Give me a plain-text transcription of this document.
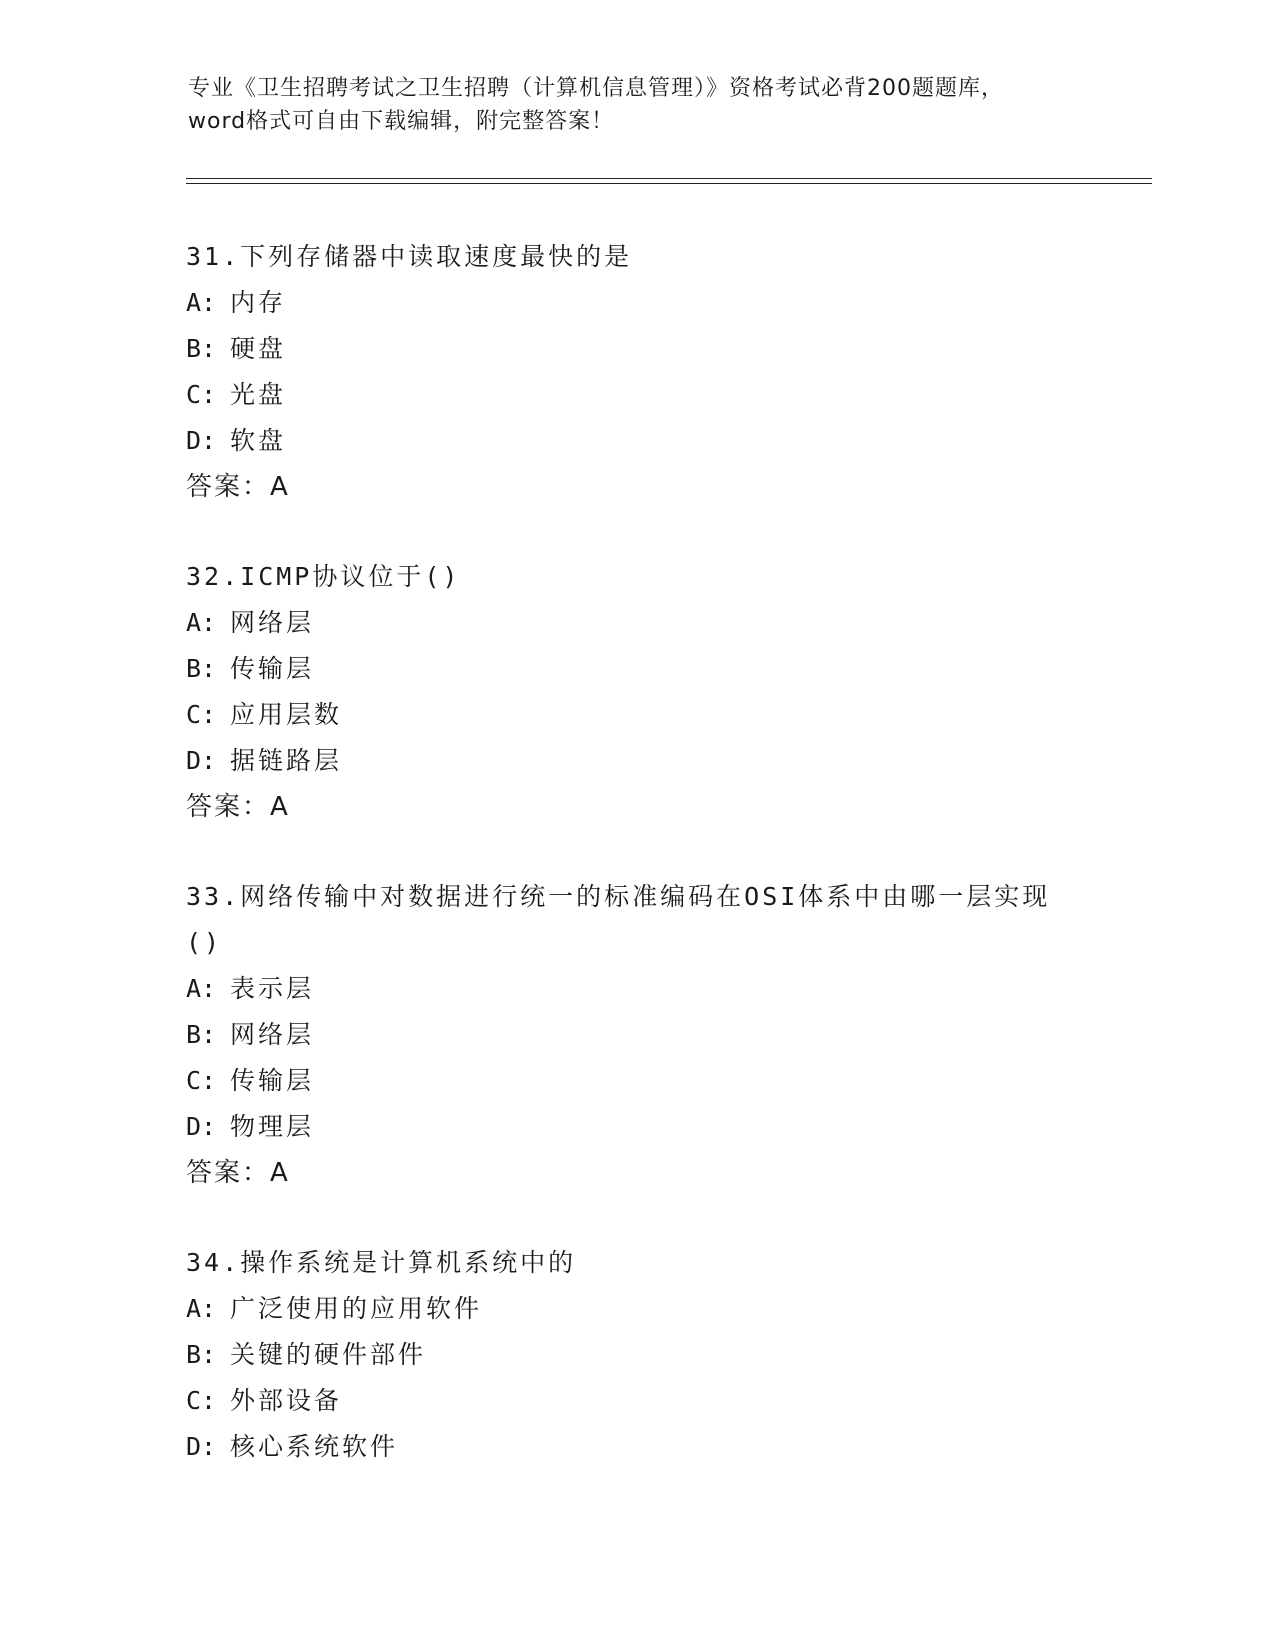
专业《卫生招聘考试之卫生招聘（计算机信息管理）》资格考试必背200题题库，
word格式可自由下载编辑，附完整答案！

31.下列存储器中读取速度最快的是

A: 内存

B: 硬盘

C: 光盘

D: 软盘

答案：A

32.ICMP协议位于()

A: 网络层

B: 传输层

C: 应用层数

D: 据链路层

答案：A

33.网络传输中对数据进行统一的标准编码在OSI体系中由哪一层实现()

A: 表示层

B: 网络层

C: 传输层

D: 物理层

答案：A

34.操作系统是计算机系统中的

A: 广泛使用的应用软件

B: 关键的硬件部件

C: 外部设备

D: 核心系统软件
